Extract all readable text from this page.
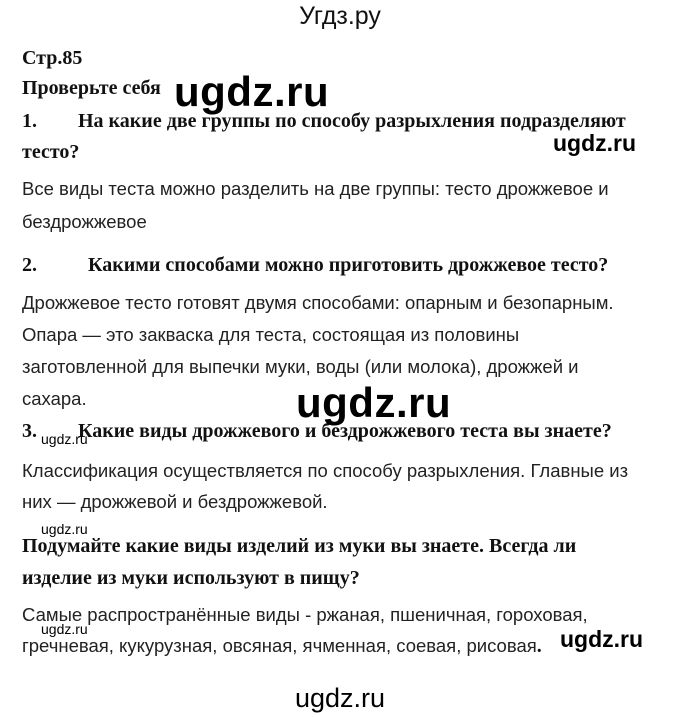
Угдз.ру
Стр.85
Проверьте себя
1. На какие две группы по способу разрыхления подразделяют
тесто?
Все виды теста можно разделить на две группы: тесто дрожжевое и
бездрожжевое
2.	Какими способами можно приготовить дрожжевое тесто?
Дрожжевое тесто готовят двумя способами: опарным и безопарным.
Опара — это закваска для теста, состоящая из половины
заготовленной для выпечки муки, воды (или молока), дрожжей и
сахара.
3. Какие виды дрожжевого и бездрожжевого теста вы знаете?
Классификация осуществляется по способу разрыхления. Главные из
них — дрожжевой и бездрожжевой.
Подумайте какие виды изделий из муки вы знаете. Всегда ли
изделие из муки используют в пищу?
Самые распространённые виды - ржаная, пшеничная, гороховая,
гречневая, кукурузная, овсяная, ячменная, соевая, рисовая.
ugdz.ru
ugdz.ru
ugdz.ru
ugdz.ru
ugdz.ru
ugdz.ru	ugdz.ru
ugdz.ru
